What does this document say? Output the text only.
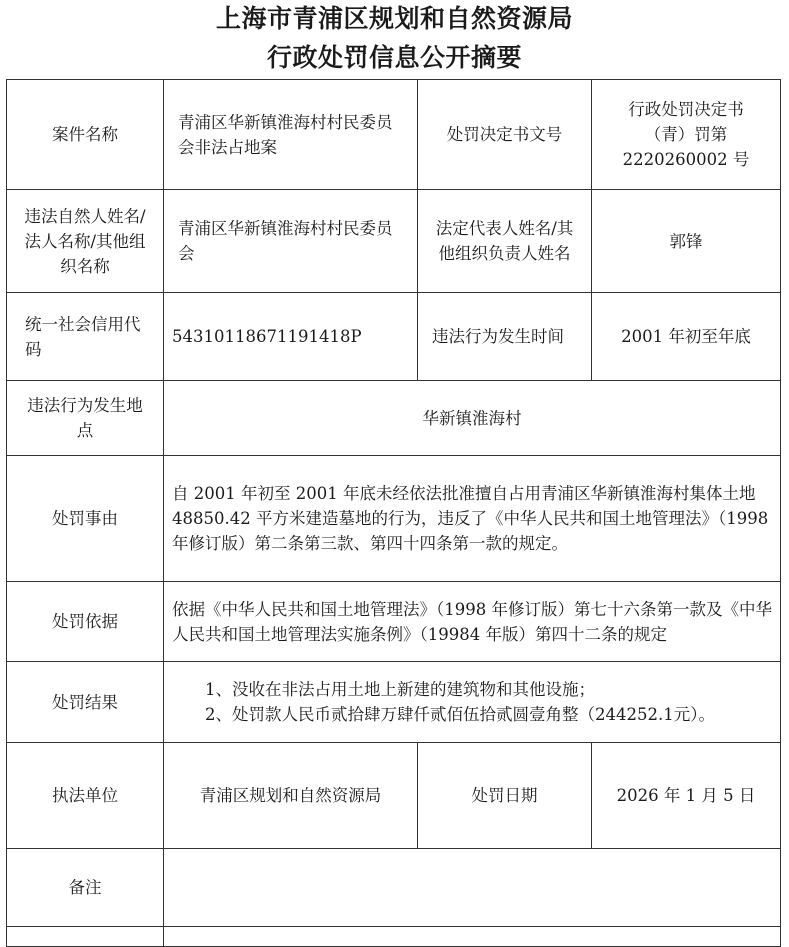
上海市青浦区规划和自然资源局
行政处罚信息公开摘要
案件名称	青浦区华新镇淮海村村民委员会非法占地案	处罚决定书文号	行政处罚决定书（青）罚第2220260002 号
违法自然人姓名/法人名称/其他组织名称	青浦区华新镇淮海村村民委员会	法定代表人姓名/其他组织负责人姓名	郭锋
统一社会信用代码	54310118671191418P	违法行为发生时间	2001 年初至年底
违法行为发生地点	华新镇淮海村		
处罚事由	自 2001 年初至 2001 年底未经依法批准擅自占用青浦区华新镇淮海村集体土地 48850.42 平方米建造墓地的行为，违反了《中华人民共和国土地管理法》（1998 年修订版）第二条第三款、第四十四条第一款的规定。		
处罚依据	依据《中华人民共和国土地管理法》（1998 年修订版）第七十六条第一款及《中华人民共和国土地管理法实施条例》（19984 年版）第四十二条的规定		
处罚结果	1、没收在非法占用土地上新建的建筑物和其他设施；
2、处罚款人民币贰拾肆万肆仟贰佰伍拾贰圆壹角整（244252.1元）。		

执法单位	青浦区规划和自然资源局	处罚日期	2026 年 1 月 5 日
备注			
